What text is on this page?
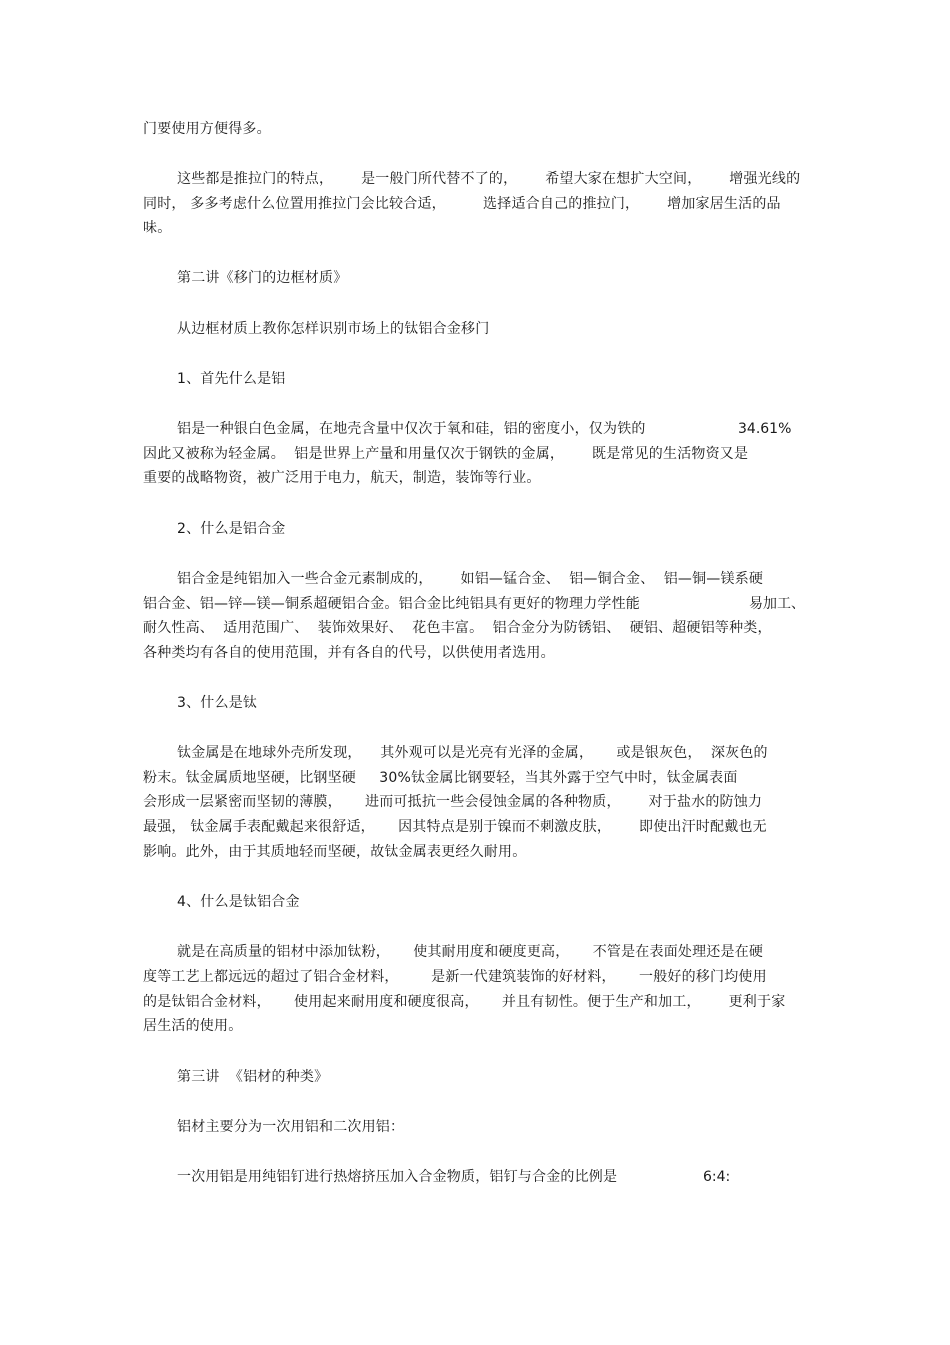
门要使用方便得多。
这些都是推拉门的特点，      是一般门所代替不了的，      希望大家在想扩大空间，      增强光线的
同时， 多多考虑什么位置用推拉门会比较合适，        选择适合自己的推拉门，      增加家居生活的品
味。
第二讲《移门的边框材质》
从边框材质上教你怎样识别市场上的钛铝合金移门
1、首先什么是铝
铝是一种银白色金属，在地壳含量中仅次于氧和硅，铝的密度小，仅为铁的	34.61%
因此又被称为轻金属。  铝是世界上产量和用量仅次于钢铁的金属，      既是常见的生活物资又是
重要的战略物资，被广泛用于电力，航天，制造，装饰等行业。
2、什么是铝合金
铝合金是纯铝加入一些合金元素制成的，      如铝—锰合金、  铝—铜合金、  铝—铜—镁系硬
铝合金、铝—锌—镁—铜系超硬铝合金。铝合金比纯铝具有更好的物理力学性能	易加工、
耐久性高、  适用范围广、  装饰效果好、  花色丰富。  铝合金分为防锈铝、  硬铝、超硬铝等种类，
各种类均有各自的使用范围，并有各自的代号，以供使用者选用。
3、什么是钛
钛金属是在地球外壳所发现，    其外观可以是光亮有光泽的金属，     或是银灰色，  深灰色的
粉末。钛金属质地坚硬，比钢坚硬     30%钛金属比钢要轻，当其外露于空气中时，钛金属表面
会形成一层紧密而坚韧的薄膜，     进而可抵抗一些会侵蚀金属的各种物质，      对于盐水的防蚀力
最强， 钛金属手表配戴起来很舒适，     因其特点是别于镍而不刺激皮肤，      即使出汗时配戴也无
影响。此外，由于其质地轻而坚硬，故钛金属表更经久耐用。
4、什么是钛铝合金
就是在高质量的铝材中添加钛粉，     使其耐用度和硬度更高，     不管是在表面处理还是在硬
度等工艺上都远远的超过了铝合金材料，       是新一代建筑装饰的好材料，     一般好的移门均使用
的是钛铝合金材料，     使用起来耐用度和硬度很高，     并且有韧性。便于生产和加工，      更利于家
居生活的使用。
第三讲  《铝材的种类》
铝材主要分为一次用铝和二次用铝：
一次用铝是用纯铝钉进行热熔挤压加入合金物质，铝钉与合金的比例是	6:4:
